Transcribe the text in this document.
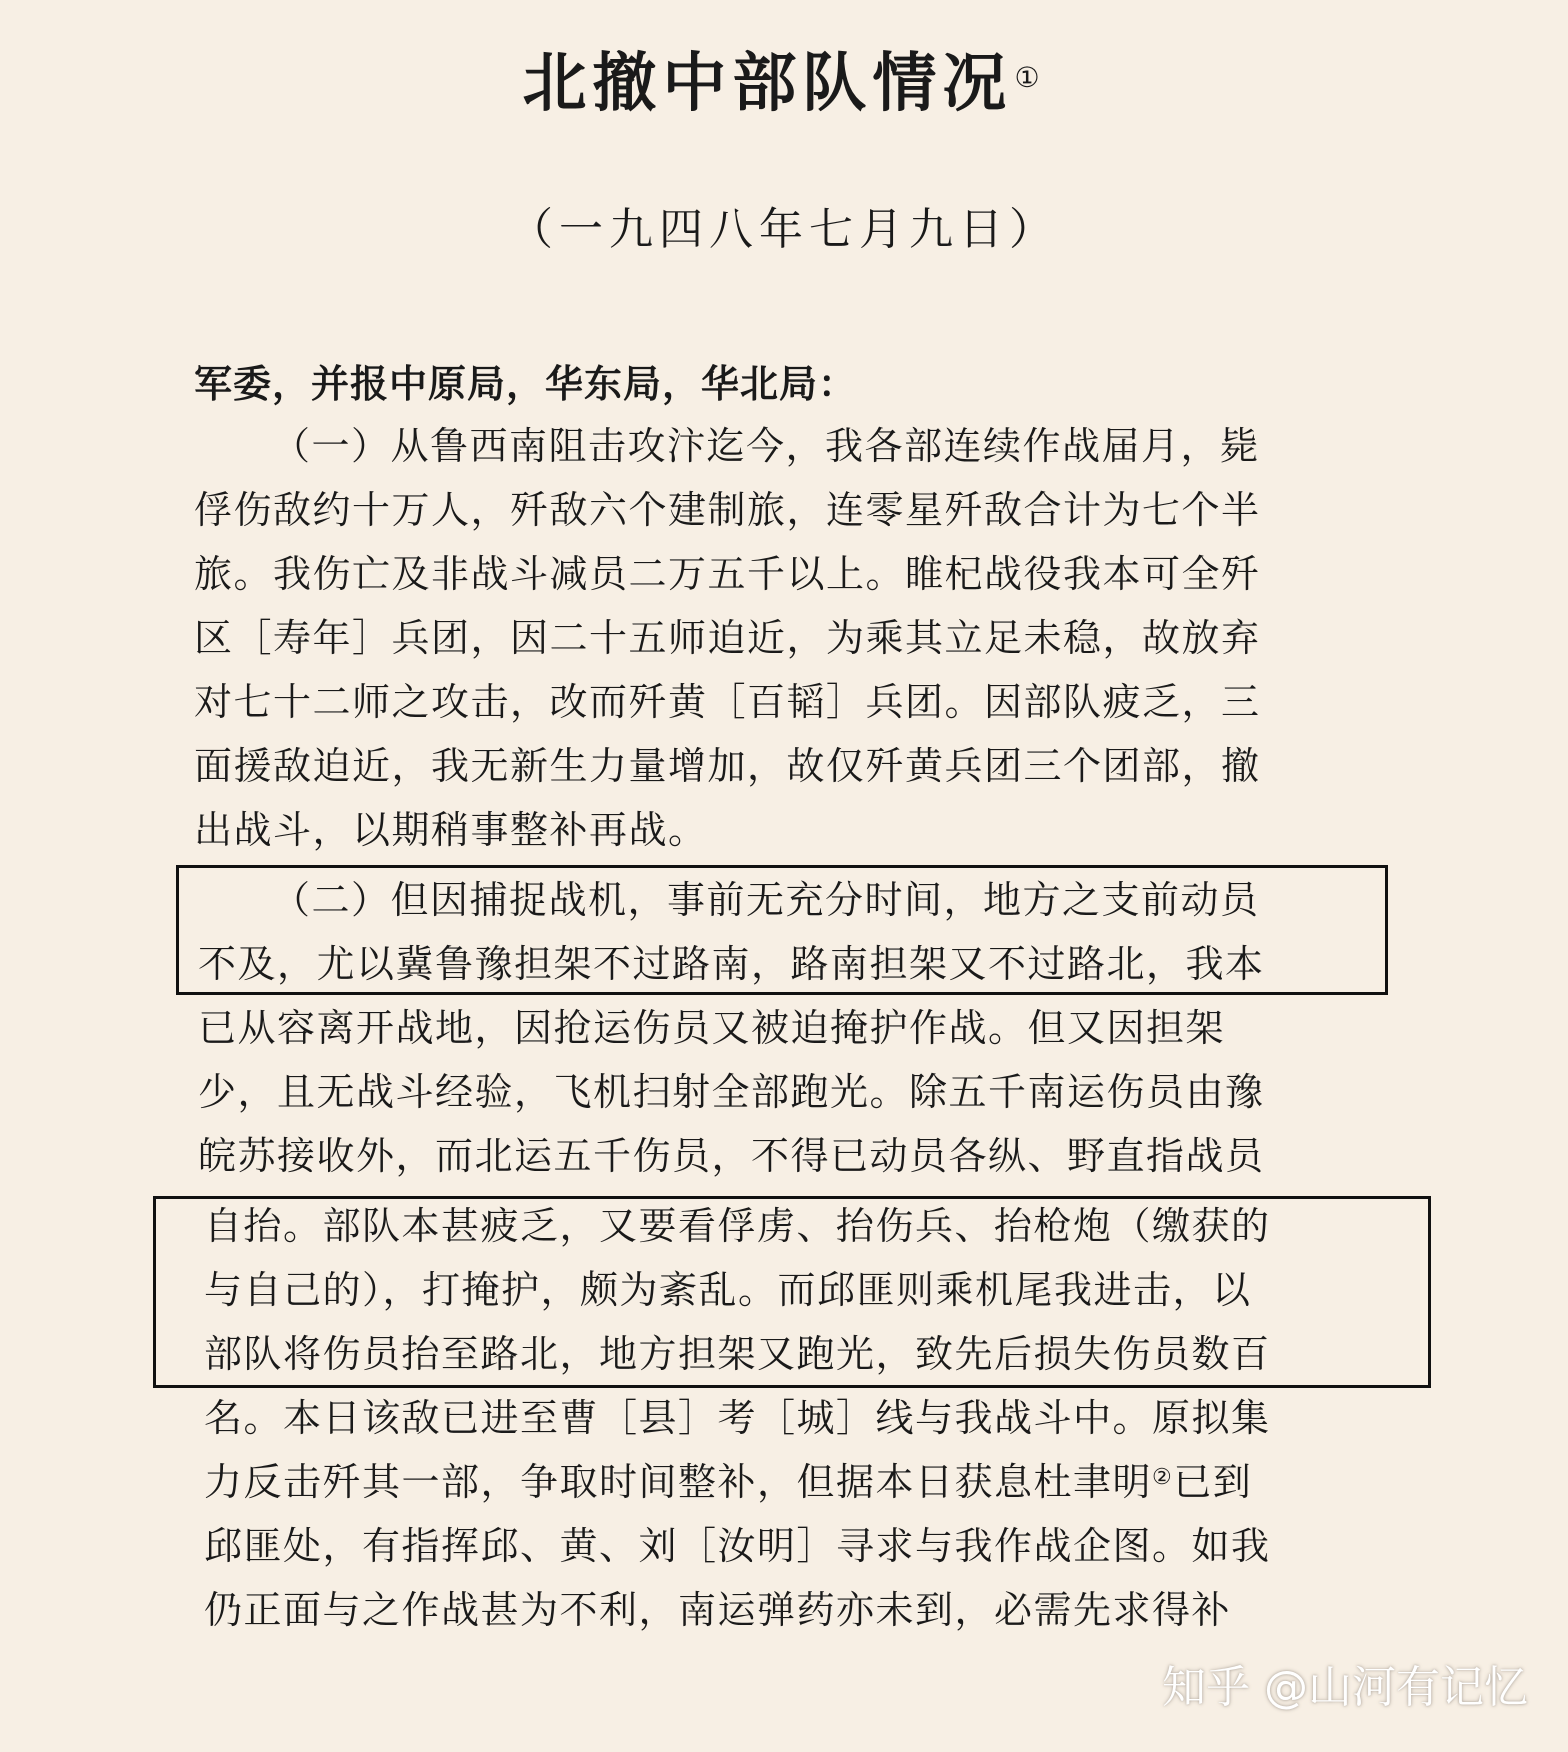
北撤中部队情况①
（一九四八年七月九日）
军委，并报中原局，华东局，华北局：
（一）从鲁西南阻击攻汴迄今，我各部连续作战届月，毙
俘伤敌约十万人，歼敌六个建制旅，连零星歼敌合计为七个半
旅。我伤亡及非战斗减员二万五千以上。睢杞战役我本可全歼
区［寿年］兵团，因二十五师迫近，为乘其立足未稳，故放弃
对七十二师之攻击，改而歼黄［百韬］兵团。因部队疲乏，三
面援敌迫近，我无新生力量增加，故仅歼黄兵团三个团部，撤
出战斗，以期稍事整补再战。
（二）但因捕捉战机，事前无充分时间，地方之支前动员
不及，尤以冀鲁豫担架不过路南，路南担架又不过路北，我本
已从容离开战地，因抢运伤员又被迫掩护作战。但又因担架
少，且无战斗经验，飞机扫射全部跑光。除五千南运伤员由豫
皖苏接收外，而北运五千伤员，不得已动员各纵、野直指战员
自抬。部队本甚疲乏，又要看俘虏、抬伤兵、抬枪炮（缴获的
与自己的），打掩护，颇为紊乱。而邱匪则乘机尾我进击，以
部队将伤员抬至路北，地方担架又跑光，致先后损失伤员数百
名。本日该敌已进至曹［县］考［城］线与我战斗中。原拟集
力反击歼其一部，争取时间整补，但据本日获息杜聿明②已到
邱匪处，有指挥邱、黄、刘［汝明］寻求与我作战企图。如我
仍正面与之作战甚为不利，南运弹药亦未到，必需先求得补
知乎 @山河有记忆
